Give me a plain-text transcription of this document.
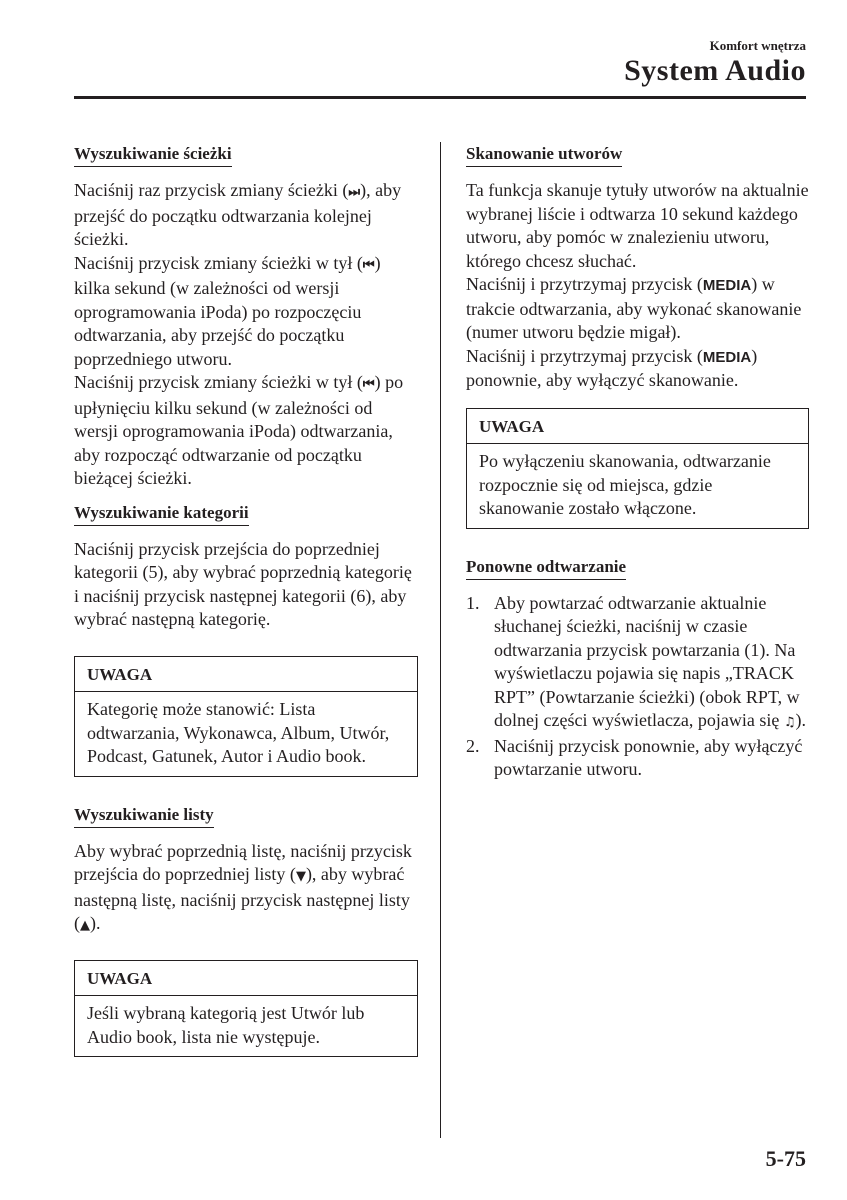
Komfort wnętrza
System Audio
Wyszukiwanie ścieżki

Naciśnij raz przycisk zmiany ścieżki (⏭), aby przejść do początku odtwarzania kolejnej ścieżki.

Naciśnij przycisk zmiany ścieżki w tył (⏮) kilka sekund (w zależności od wersji oprogramowania iPoda) po rozpoczęciu odtwarzania, aby przejść do początku poprzedniego utworu.

Naciśnij przycisk zmiany ścieżki w tył (⏮) po upłynięciu kilku sekund (w zależności od wersji oprogramowania iPoda) odtwarzania, aby rozpocząć odtwarzanie od początku bieżącej ścieżki.

Wyszukiwanie kategorii

Naciśnij przycisk przejścia do poprzedniej kategorii (5), aby wybrać poprzednią kategorię i naciśnij przycisk następnej kategorii (6), aby wybrać następną kategorię.

UWAGA
Kategorię może stanowić: Lista odtwarzania, Wykonawca, Album, Utwór, Podcast, Gatunek, Autor i Audio book.
Wyszukiwanie listy

Aby wybrać poprzednią listę, naciśnij przycisk przejścia do poprzedniej listy (▼), aby wybrać następną listę, naciśnij przycisk następnej listy (▲).

UWAGA
Jeśli wybraną kategorią jest Utwór lub Audio book, lista nie występuje.
Skanowanie utworów

Ta funkcja skanuje tytuły utworów na aktualnie wybranej liście i odtwarza 10 sekund każdego utworu, aby pomóc w znalezieniu utworu, którego chcesz słuchać.

Naciśnij i przytrzymaj przycisk (MEDIA) w trakcie odtwarzania, aby wykonać skanowanie (numer utworu będzie migał).

Naciśnij i przytrzymaj przycisk (MEDIA) ponownie, aby wyłączyć skanowanie.

UWAGA
Po wyłączeniu skanowania, odtwarzanie rozpocznie się od miejsca, gdzie skanowanie zostało włączone.
Ponowne odtwarzanie
1. Aby powtarzać odtwarzanie aktualnie słuchanej ścieżki, naciśnij w czasie odtwarzania przycisk powtarzania (1). Na wyświetlaczu pojawia się napis „TRACK RPT” (Powtarzanie ścieżki) (obok RPT, w dolnej części wyświetlacza, pojawia się ♫).
2. Naciśnij przycisk ponownie, aby wyłączyć powtarzanie utworu.
5-75
